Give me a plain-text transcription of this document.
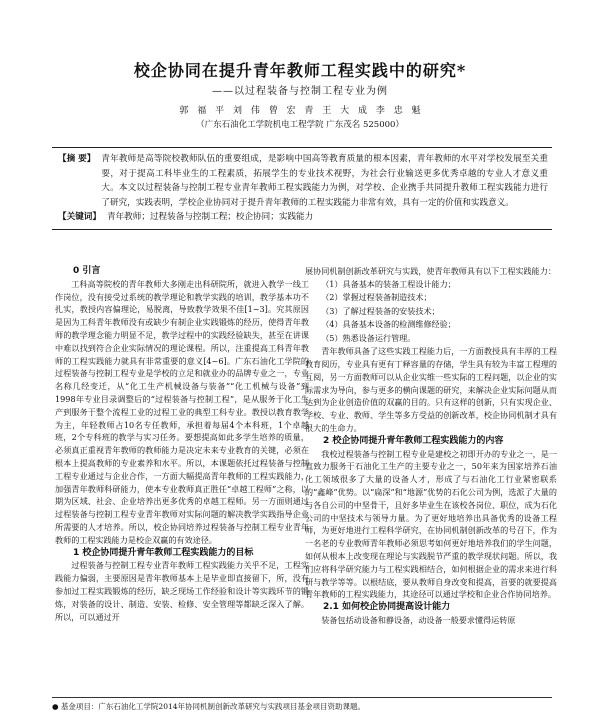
校企协同在提升青年教师工程实践中的研究*
——以过程装备与控制工程专业为例
郭 福 平 刘 伟 曾 宏 青 王 大 成 李 忠 魁
（广东石油化工学院机电工程学院 广东茂名 525000）
【摘 要】 青年教师是高等院校教师队伍的重要组成，是影响中国高等教育质量的根本因素，青年教师的水平对学校发展至关重要，对于提高工科毕业生的工程素质，拓展学生的专业技术视野，为社会行业输送更多优秀卓越的专业人才意义重大。本文以过程装备与控制工程专业青年教师工程实践能力为例，对学校、企业携手共同提升教师工程实践能力进行了研究，实践表明，学校企业协同对于提升青年教师的工程实践能力非常有效，具有一定的价值和实践意义。
【关键词】 青年教师；过程装备与控制工程；校企协同；实践能力

0 引言

工科高等院校的青年教师大多刚走出科研院所，就进入教学一线工作岗位，没有接受过系统的教学理论和教学实践的培训，教学基本功不扎实，教授内容偏理论，易脱离，导致教学效果不佳[1~3]。究其原因是因为工科青年教师没有或缺少有制企业实践锻炼的经历，使得青年教师的教学理念能力明显不足，教学过程中的实践经验缺失，甚至在讲课中难以找到符合企业实际情况的理论课程。所以，注重提高工科青年教师的工程实践能力就具有非常重要的意义[4~6]。广东石油化工学院的过程装备与控制工程专业是学校的立足和就业办的品牌专业之一，专业名称几经变迁，从“化工生产机械设备与装备”“化工机械与设备”到1998年专业目录调整后的“过程装备与控制工程”，是从服务于化工生产到服务于整个流程工业的过程工业的典型工科专业。教授以教育教学为主，年轻教师占10名专任教师，承担着每届4个本科班，1个卓越班，2个专科班的教学与实习任务。要想提高如此多学生培养的质量，必须真正重视青年教师的教师能力是决定未来专业教育的关键，必须在根本上提高教师的专业素养和水平。所以，本课题依托过程装备与控制工程专业通过与企业合作，一方面大幅提高青年教师的工程实践能力，加强青年教师科研能力，使本专业教师真正胜任“卓越工程师”之称，以期为区域、社会、企业培养出更多优秀的卓越工程师。另一方面则通过过程装备与控制工程专业青年教师对实际问题的解决教学实践指导企业所需要的人才培养。所以，校企协同培养过程装备与控制工程专业青年教师的工程实践能力是校企双赢的有效途径。

1 校企协同提升青年教师工程实践能力的目标

过程装备与控制工程专业青年教师工程实践能力关乎不足，工程实践能力偏弱，主要原因是青年教师基本上是毕业即直接留下，所，没有参加过工程实践锻炼的经历，缺乏现场工作经验和设计等实践环节的锻炼，对装备的设计、制造、安装、检修、安全管理等都缺乏深入了解。所以，可以通过开

展协同机制创新改革研究与实践，使青年教师具有以下工程实践能力：

（1）具备基本的装备工程设计能力；

（2）掌握过程装备制造技术；

（3）了解过程装备的安装技术；

（4）具备基本设备的检测维修经验；

（5）熟悉设备运行管理。

青年教师具备了这些实践工程能力后，一方面教授具有丰厚的工程教育阅历，专业具有更有丁释容量的存储，学生具有较为丰富工程理的互阅，另一方面教师可以从企业实维一些实际的工程问题，以企业的实际需求为导向，参与更多的横向课题的研究，来解决企业实际问题从而达到为企业创造价值的双赢的目的。只有这样的创新，只有实现企业、学校、专业、教师、学生等多方受益的创新改革，校企协同机制才具有很大的生命力。

2 校企协同提升青年教师工程实践能力的内容

我校过程装备与控制工程专业是建校之初即开办的专业之一，是一直致力服务于石油化工生产的主要专业之一，50年来为国家培养石油化工领域很多了大量的设备人才，形成了与石油化工行业紧密联系的“鑫峰”优势。以“扁深”和“地源”优势的石化公司为例，选派了大量的与各自公司的中坚骨干，且好多毕业生在该校各岗位、职位，成为石化公司的中坚技术与领导力量。为了更好地培养出具备优秀的设备工程师，为更好地进行工程科学研究，在协同机制创新改革的号召下，作为一名老的专业教师青年教师必须思考如何更好地培养我们的学生问题，如何从根本上改变现在理论与实践脱节严重的教学现状问题。所以，我们应将科学研究能力与工程实践相结合，如何根据企业的需求来进行科研与教学等等。以根结底，要从教师自身改变和提高，首要的就要提高青年教师的工程实践能力，其途径可以通过学校和企业合作协同培养。

2.1 如何校企协同提高设计能力

装备包括动设备和静设备，动设备一般要求懂得运转原

● 基金项目：广东石油化工学院2014年协同机制创新改革研究与实践项目基金项目资助课题。
